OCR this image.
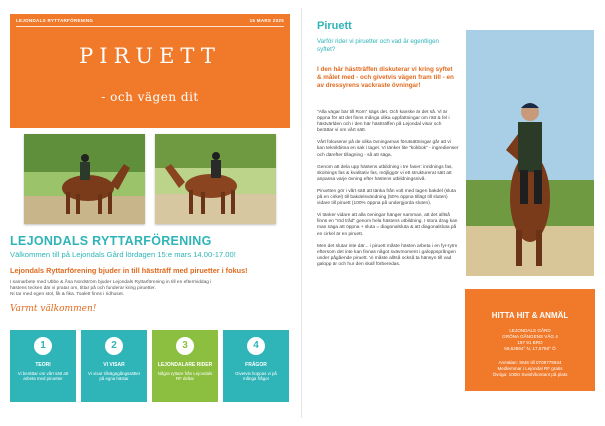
LEJONDALS RYTTARFÖRENING	15 MARS 2025
PIRUETT
- och vägen dit
LEJONDALS RYTTARFÖRENING
Välkommen till på Lejondals Gård lördagen 15:e mars 14.00-17.00!
Lejondals Ryttarförening bjuder in till hästträff med piruetter i fokus!
I samarbete med Ubbe & Åsa Nordström bjuder Lejondals Ryttarförening in till en eftermiddag i
hästens tecken där vi pratar om, tittar på och funderar kring piruetter.
Ni tar med egen stol, fik & fika. Toalett finns i ridhuset.
Varmt välkommen!
1
TEORI
Vi berättar om vårt sätt att arbeta med piruetter
2
VI VISAR
Vi visar tillvägagångssättet på egna hästar
3
LEJONDALARE RIDER
Några ryttare från Lejondals RF deltar
4
FRÅGOR
Givetvis hoppas vi på många frågor
Piruett
Varför rider vi piruetter och vad är egentligen syftet?
I den här hästträffen diskuterar vi kring syftet & målet med - och givetvis vägen fram till - en av dressyrens vackraste övningar!

"Alla vägar bär till Rom" sägs det. Och kanske är det så. Vi är öppna för att det finns många olika uppfattningar om rätt & fel i hästvärlden och i den här hästträffen på Lejondal visar och berättar vi om vårt sätt.

Vårt fokuserar på de olika övningarnas förutsättningar går att vi kan teknikbitna en sak i taget. Vi tänker lite "kokbok" - ingredienser och därefter tillagning - så att säga.

Genom att dela upp hästens utbildning i tre faser: inridnings fas, skolnings fas & kvalitativ fas, möjliggör vi ett strukturerat sätt att anpassa varje övning efter hästens utbildningsnivå.

Piruetten gör i vårt sätt att tänka från volt med tagen bakdel (sluta på en cirkel) till bakdelsvändning (50% öppna tillägt till sluten) vidare till piruett (100% öppna på undergjorda sluten).

Vi tänker vidare att alla övningar hänger samman, att det alltså finns en "röd tråd" genom hela hästens utbildning. I stora drag kan man säga att öppna + sluta = diagonalsluta & att diagonalsluta på en cirkel är en piruett.

Men det slutar inte där... i piruett måste hästen arbeta i en fyr-rytm eftersom det inte kan finnas något svävmoment i galoppsprången under pågående piruett. Vi måste alltså också ta hänsyn till vad galopp är och hur den skall förberedas.

HITTA HIT & ANMÄL
LEJONDALS GÅRD
GRÖNA GÅNGENS VÄG 4
197 91 BRO
59,52864° N, 17,6758° Ö
Anmälan: SMS till 0708779934
Medlemmar i Lejondal RF gratis
Övriga: 100kr Swish/kontant på plats
